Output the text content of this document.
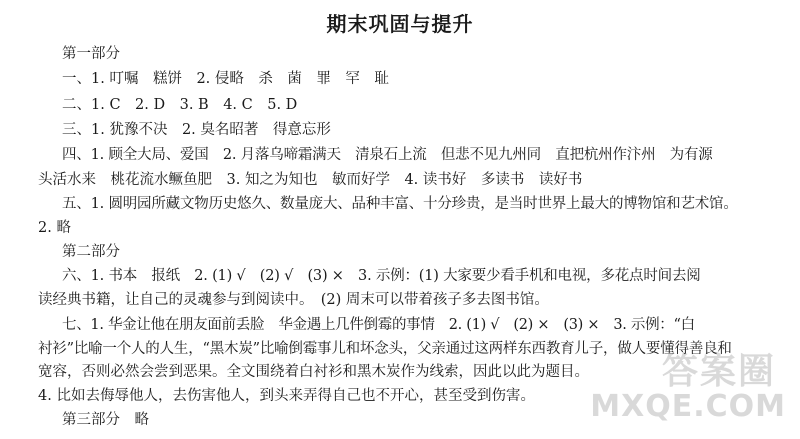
期末巩固与提升
第一部分
一、1. 叮嘱　糕饼　2. 侵略　杀　菌　罪　罕　耻
二、1. C　2. D　3. B　4. C　5. D
三、1. 犹豫不决　2. 臭名昭著　得意忘形
四、1. 顾全大局、爱国　2. 月落乌啼霜满天　清泉石上流　但悲不见九州同　直把杭州作汴州　为有源
头活水来　桃花流水鳜鱼肥　3. 知之为知也　敏而好学　4. 读书好　多读书　读好书
五、1. 圆明园所藏文物历史悠久、数量庞大、品种丰富、十分珍贵，是当时世界上最大的博物馆和艺术馆。
2. 略
第二部分
六、1. 书本　报纸　2. (1) √　(2) √　(3) ×　3. 示例：(1) 大家要少看手机和电视，多花点时间去阅
读经典书籍，让自己的灵魂参与到阅读中。　(2) 周末可以带着孩子多去图书馆。
七、1. 华金让他在朋友面前丢脸　华金遇上几件倒霉的事情　2. (1) √　(2) ×　(3) ×　3. 示例：“白
衬衫”比喻一个人的人生，“黑木炭”比喻倒霉事儿和坏念头，父亲通过这两样东西教育儿子，做人要懂得善良和
宽容，否则必然会尝到恶果。全文围绕着白衬衫和黑木炭作为线索，因此以此为题目。
4. 比如去侮辱他人，去伤害他人，到头来弄得自己也不开心，甚至受到伤害。
第三部分　略
答案圈
MXQE.COM
